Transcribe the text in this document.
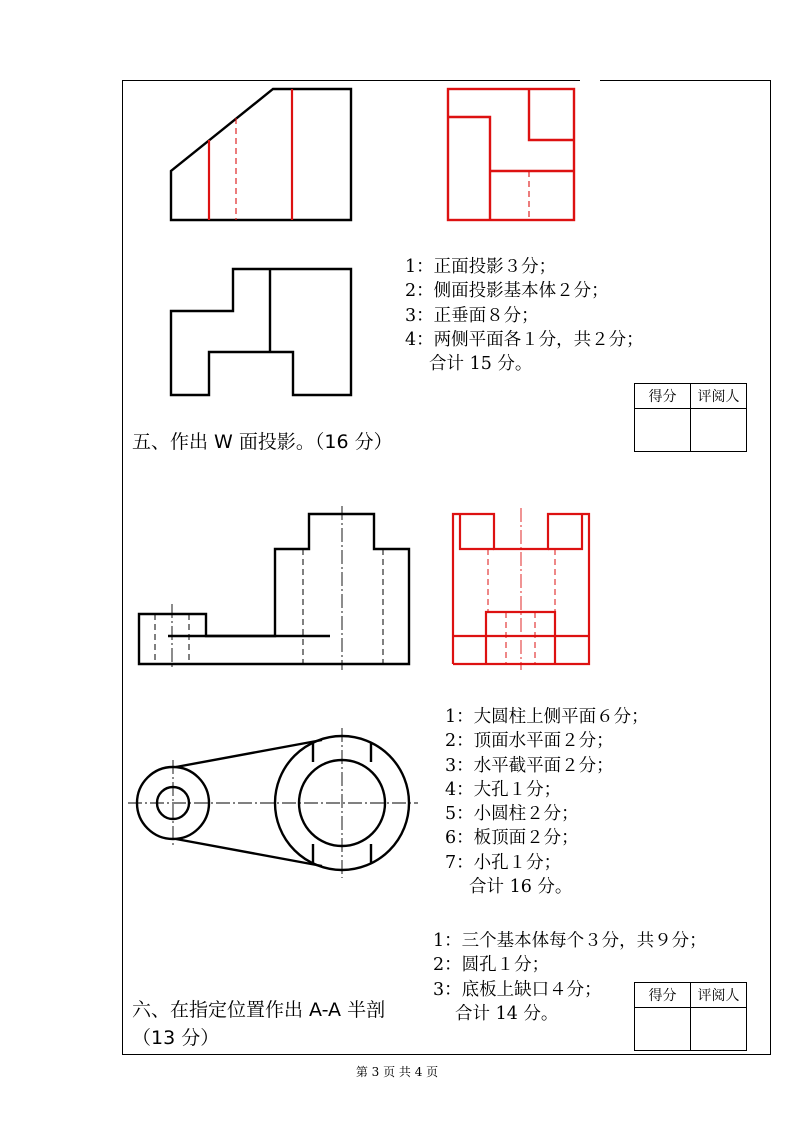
1：正面投影３分；
2：侧面投影基本体２分；
3：正垂面８分；
4：两侧平面各１分，共２分；
合计 15 分。
得分	评阅人

五、作出 W 面投影。（16 分）
1：大圆柱上侧平面６分；
2：顶面水平面２分；
3：水平截平面２分；
4：大孔１分；
5：小圆柱２分；
6：板顶面２分；
7：小孔１分；
合计 16 分。
1：三个基本体每个３分，共９分；
2：圆孔１分；
3：底板上缺口４分；
合计 14 分。
得分	评阅人

六、在指定位置作出 A-A 半剖
（13 分）
第 3 页 共 4 页
